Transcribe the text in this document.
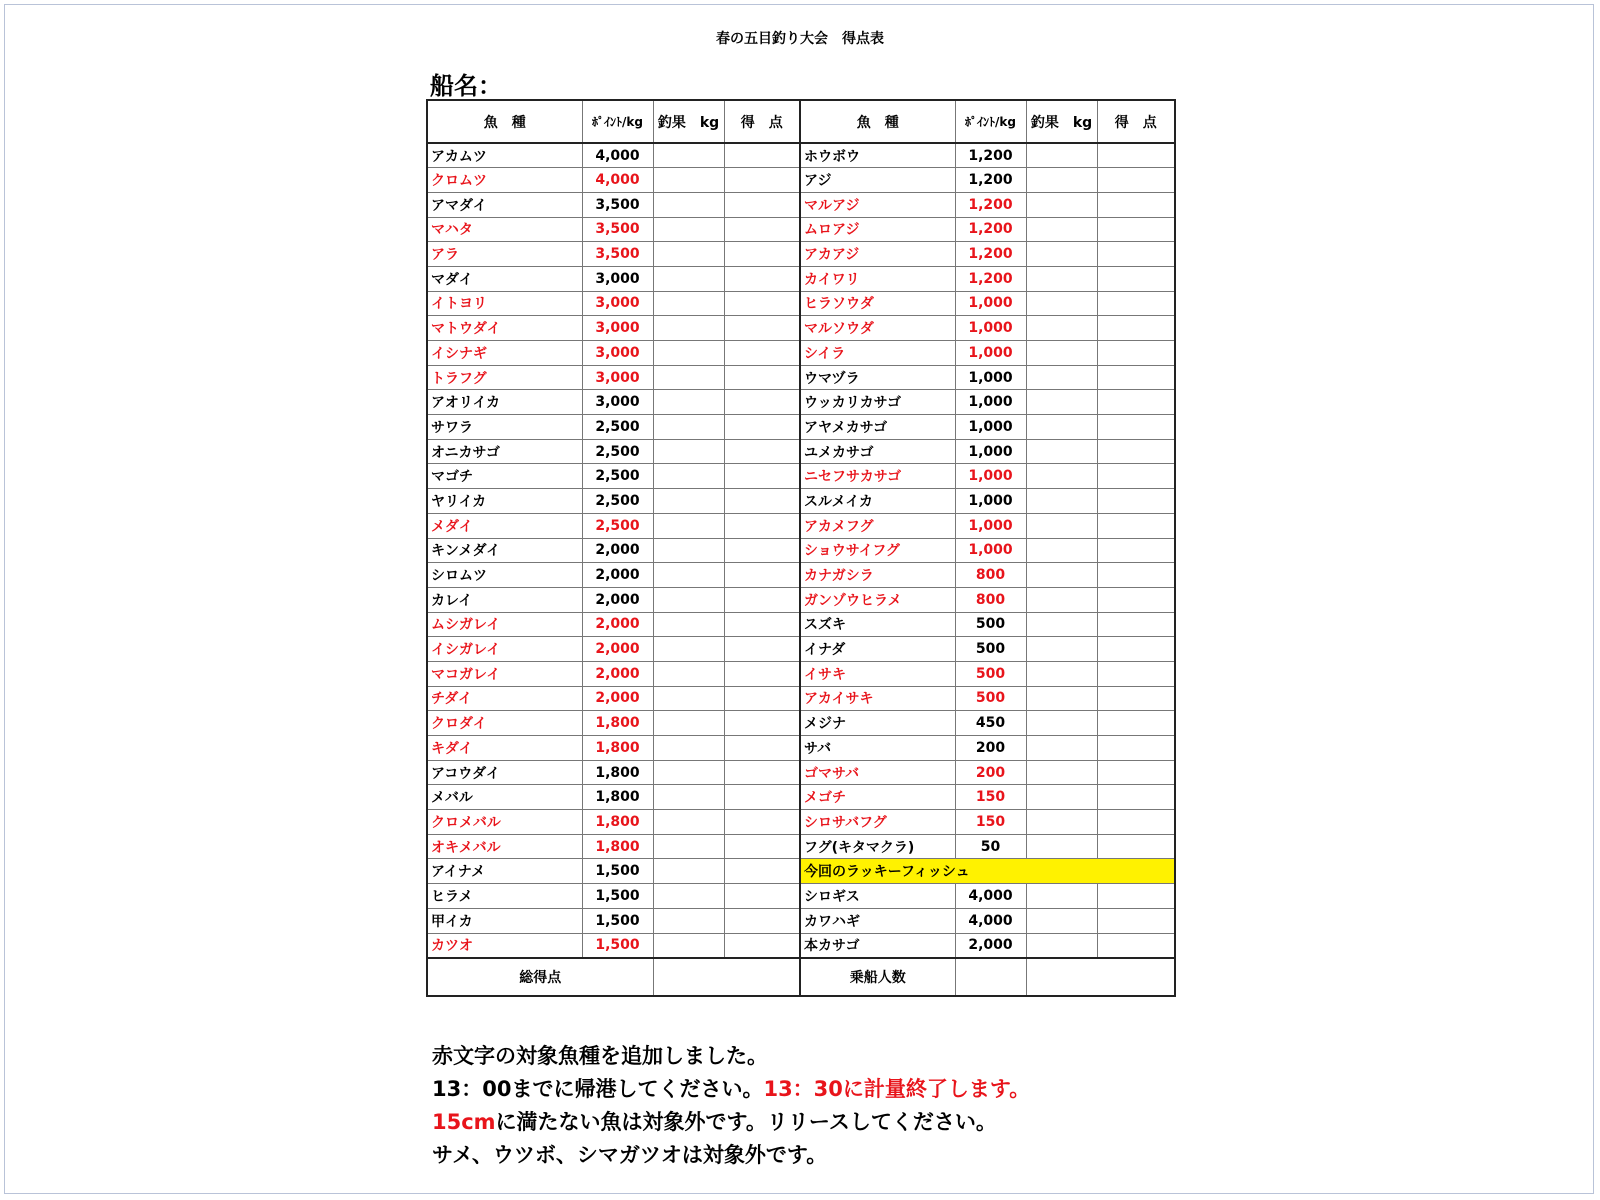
春の五目釣り大会　得点表
船名：
魚　種	ﾎﾟｲﾝﾄ/kg	釣果　kg	得　点	魚　種	ﾎﾟｲﾝﾄ/kg	釣果　kg	得　点
アカムツ	4,000			ホウボウ	1,200		
クロムツ	4,000			アジ	1,200		
アマダイ	3,500			マルアジ	1,200		
マハタ	3,500			ムロアジ	1,200		
アラ	3,500			アカアジ	1,200		
マダイ	3,000			カイワリ	1,200		
イトヨリ	3,000			ヒラソウダ	1,000		
マトウダイ	3,000			マルソウダ	1,000		
イシナギ	3,000			シイラ	1,000		
トラフグ	3,000			ウマヅラ	1,000		
アオリイカ	3,000			ウッカリカサゴ	1,000		
サワラ	2,500			アヤメカサゴ	1,000		
オニカサゴ	2,500			ユメカサゴ	1,000		
マゴチ	2,500			ニセフサカサゴ	1,000		
ヤリイカ	2,500			スルメイカ	1,000		
メダイ	2,500			アカメフグ	1,000		
キンメダイ	2,000			ショウサイフグ	1,000		
シロムツ	2,000			カナガシラ	800		
カレイ	2,000			ガンゾウヒラメ	800		
ムシガレイ	2,000			スズキ	500		
イシガレイ	2,000			イナダ	500		
マコガレイ	2,000			イサキ	500		
チダイ	2,000			アカイサキ	500		
クロダイ	1,800			メジナ	450		
キダイ	1,800			サバ	200		
アコウダイ	1,800			ゴマサバ	200		
メバル	1,800			メゴチ	150		
クロメバル	1,800			シロサバフグ	150		
オキメバル	1,800			フグ(キタマクラ)	50		
アイナメ	1,500			今回のラッキーフィッシュ			
ヒラメ	1,500			シロギス	4,000		
甲イカ	1,500			カワハギ	4,000		
カツオ	1,500			本カサゴ	2,000		
総得点				乗船人数			
赤文字の対象魚種を追加しました。
13：00までに帰港してください。13：30に計量終了します。
15cmに満たない魚は対象外です。リリースしてください。
サメ、ウツボ、シマガツオは対象外です。
